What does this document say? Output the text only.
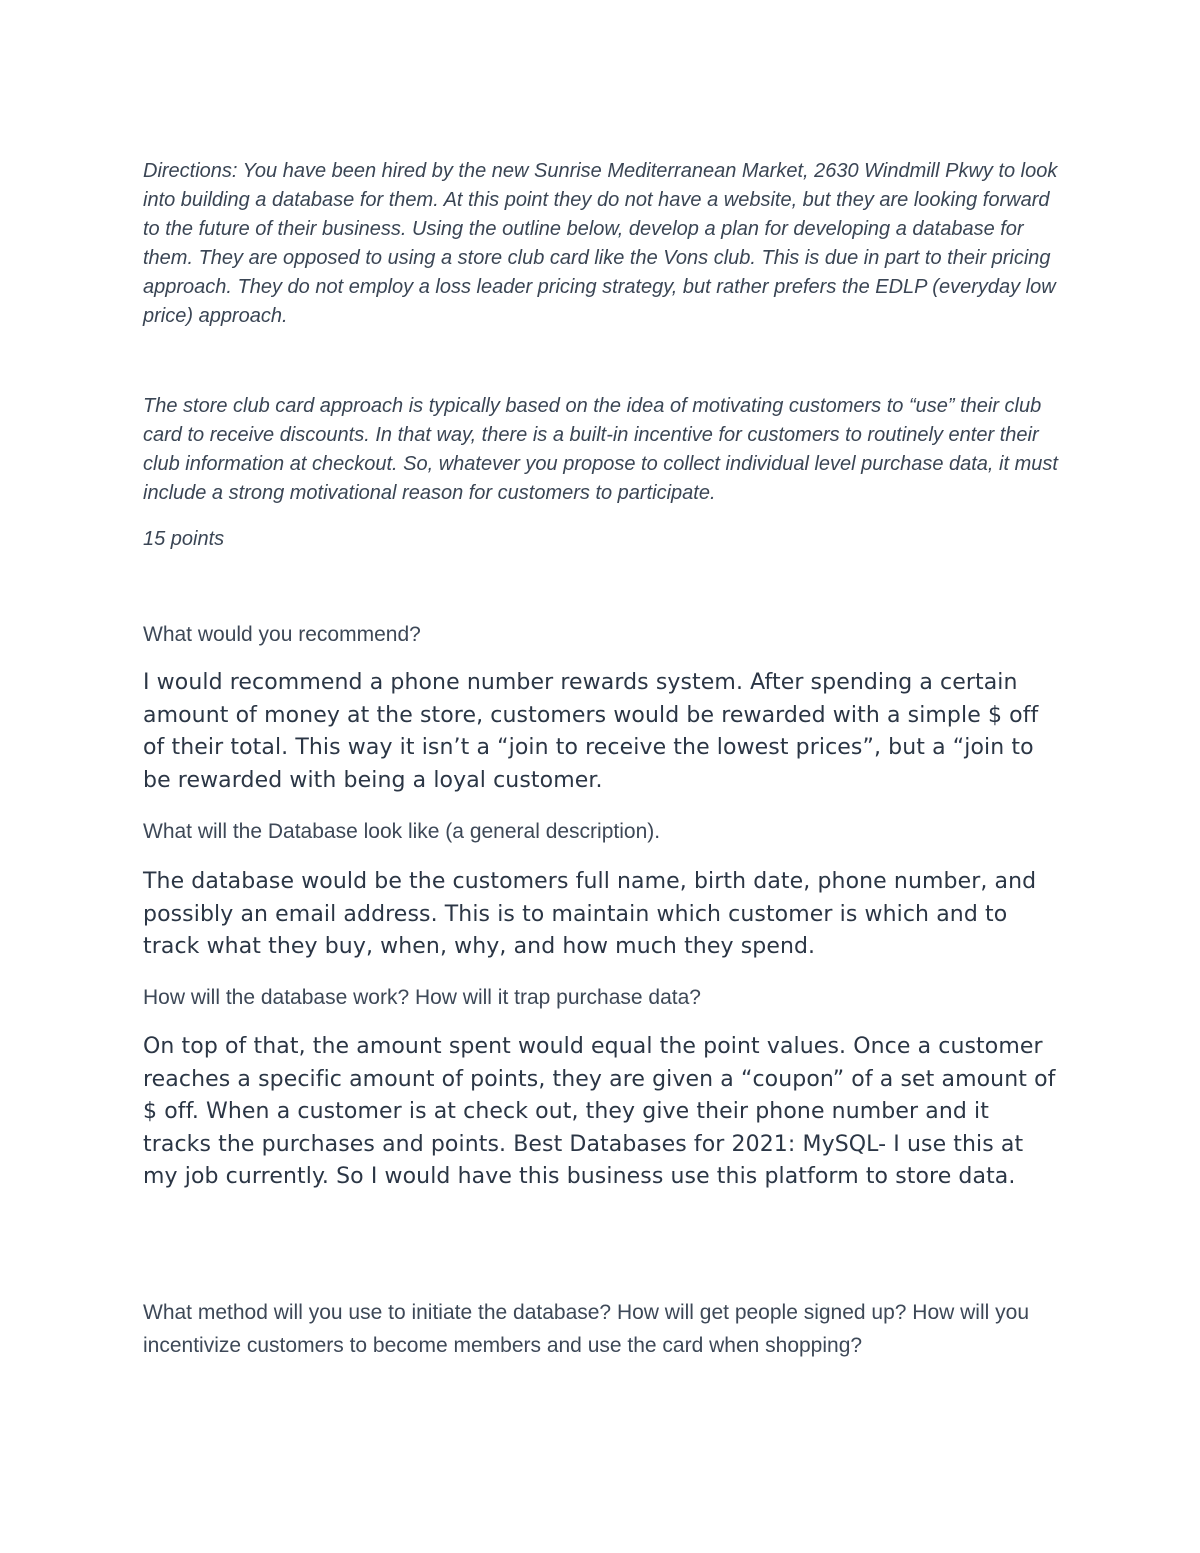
Directions: You have been hired by the new Sunrise Mediterranean Market, 2630 Windmill Pkwy to look into building a database for them. At this point they do not have a website, but they are looking forward to the future of their business. Using the outline below, develop a plan for developing a database for them. They are opposed to using a store club card like the Vons club. This is due in part to their pricing approach. They do not employ a loss leader pricing strategy, but rather prefers the EDLP (everyday low price) approach.

The store club card approach is typically based on the idea of motivating customers to “use” their club card to receive discounts. In that way, there is a built-in incentive for customers to routinely enter their club information at checkout. So, whatever you propose to collect individual level purchase data, it must include a strong motivational reason for customers to participate.

15 points

What would you recommend?

I would recommend a phone number rewards system. After spending a certain amount of money at the store, customers would be rewarded with a simple $ off of their total. This way it isn’t a “join to receive the lowest prices”, but a “join to be rewarded with being a loyal customer.

What will the Database look like (a general description).

The database would be the customers full name, birth date, phone number, and possibly an email address. This is to maintain which customer is which and to track what they buy, when, why, and how much they spend.

How will the database work? How will it trap purchase data?

On top of that, the amount spent would equal the point values. Once a customer reaches a specific amount of points, they are given a “coupon” of a set amount of $ off. When a customer is at check out, they give their phone number and it tracks the purchases and points. Best Databases for 2021: MySQL- I use this at my job currently. So I would have this business use this platform to store data.

What method will you use to initiate the database? How will get people signed up? How will you incentivize customers to become members and use the card when shopping?
